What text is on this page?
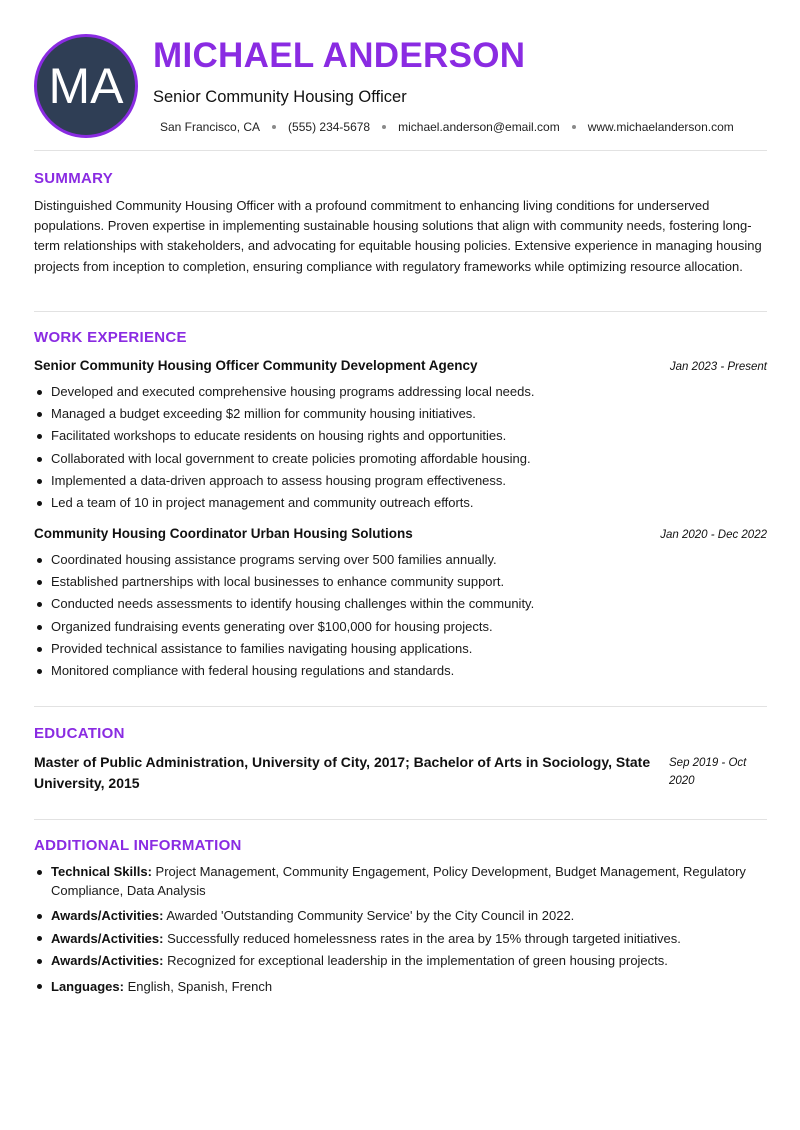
MA
MICHAEL ANDERSON
Senior Community Housing Officer
San Francisco, CA (555) 234-5678 michael.anderson@email.com www.michaelanderson.com
SUMMARY

Distinguished Community Housing Officer with a profound commitment to enhancing living conditions for underserved populations. Proven expertise in implementing sustainable housing solutions that align with community needs, fostering long-term relationships with stakeholders, and advocating for equitable housing policies. Extensive experience in managing housing projects from inception to completion, ensuring compliance with regulatory frameworks while optimizing resource allocation.

WORK EXPERIENCE
Senior Community Housing Officer Community Development Agency	Jan 2023 - Present
Developed and executed comprehensive housing programs addressing local needs.
Managed a budget exceeding $2 million for community housing initiatives.
Facilitated workshops to educate residents on housing rights and opportunities.
Collaborated with local government to create policies promoting affordable housing.
Implemented a data-driven approach to assess housing program effectiveness.
Led a team of 10 in project management and community outreach efforts.
Community Housing Coordinator Urban Housing Solutions	Jan 2020 - Dec 2022
Coordinated housing assistance programs serving over 500 families annually.
Established partnerships with local businesses to enhance community support.
Conducted needs assessments to identify housing challenges within the community.
Organized fundraising events generating over $100,000 for housing projects.
Provided technical assistance to families navigating housing applications.
Monitored compliance with federal housing regulations and standards.
EDUCATION
Master of Public Administration, University of City, 2017; Bachelor of Arts in Sociology, State University, 2015
Sep 2019 - Oct 2020
ADDITIONAL INFORMATION
Technical Skills: Project Management, Community Engagement, Policy Development, Budget Management, Regulatory Compliance, Data Analysis
Awards/Activities: Awarded 'Outstanding Community Service' by the City Council in 2022.
Awards/Activities: Successfully reduced homelessness rates in the area by 15% through targeted initiatives.
Awards/Activities: Recognized for exceptional leadership in the implementation of green housing projects.
Languages: English, Spanish, French
